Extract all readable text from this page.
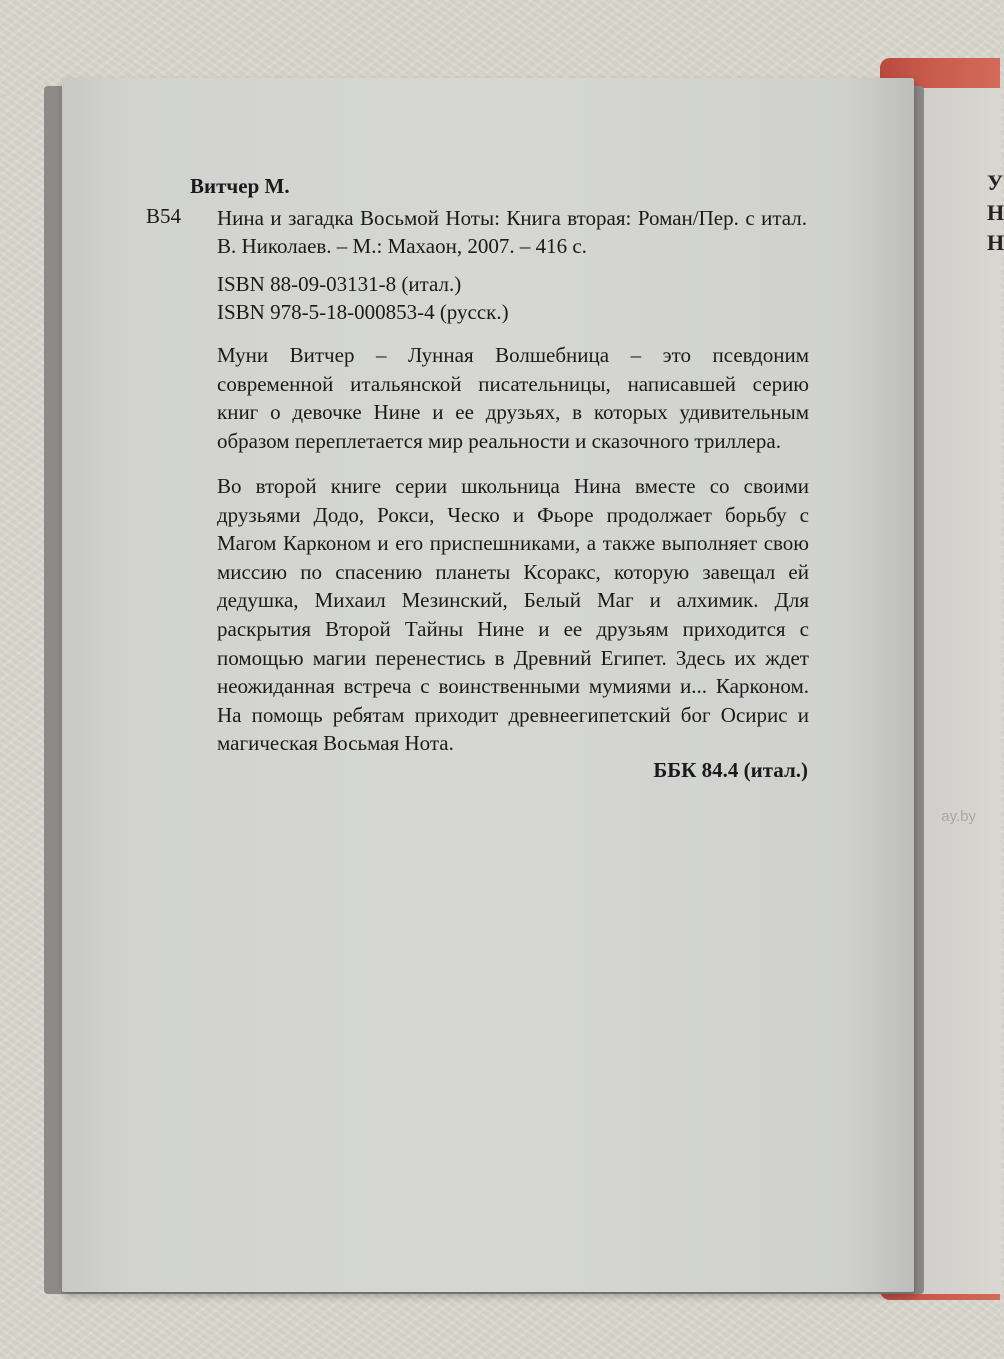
У
Н
Н
Витчер М.
В54 Нина и загадка Восьмой Ноты: Книга вторая: Роман/Пер. с итал. В. Николаев. – М.: Махаон, 2007. – 416 с.
ISBN 88-09-03131-8 (итал.)
ISBN 978-5-18-000853-4 (русск.)
Муни Витчер – Лунная Волшебница – это псевдоним современной итальянской писательницы, написавшей серию книг о девочке Нине и ее друзьях, в которых удивительным образом переплетается мир реальности и сказочного триллера.
Во второй книге серии школьница Нина вместе со своими друзьями Додо, Рокси, Ческо и Фьоре продолжает борьбу с Магом Карконом и его приспешниками, а также выполняет свою миссию по спасению планеты Ксоракс, которую завещал ей дедушка, Михаил Мезинский, Белый Маг и алхимик. Для раскрытия Второй Тайны Нине и ее друзьям приходится с помощью магии перенестись в Древний Египет. Здесь их ждет неожиданная встреча с воинственными мумиями и... Карконом. На помощь ребятам приходит древнеегипетский бог Осирис и магическая Восьмая Нота.
ББК 84.4 (итал.)
ay.by
